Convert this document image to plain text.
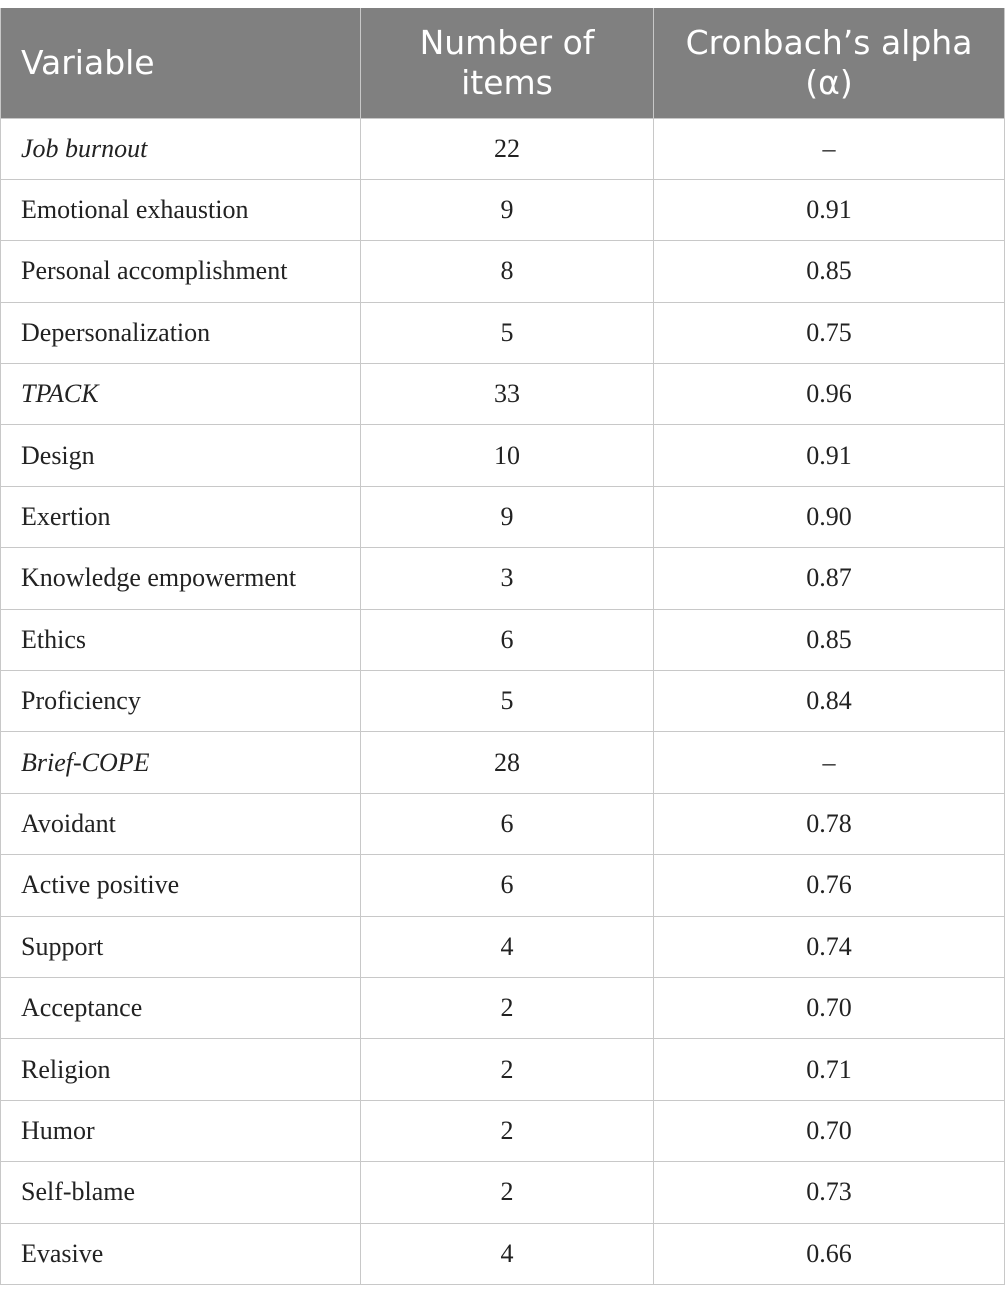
Variable	Number of items	Cronbach’s alpha (α)
Job burnout	22	–
Emotional exhaustion	9	0.91
Personal accomplishment	8	0.85
Depersonalization	5	0.75
TPACK	33	0.96
Design	10	0.91
Exertion	9	0.90
Knowledge empowerment	3	0.87
Ethics	6	0.85
Proficiency	5	0.84
Brief-COPE	28	–
Avoidant	6	0.78
Active positive	6	0.76
Support	4	0.74
Acceptance	2	0.70
Religion	2	0.71
Humor	2	0.70
Self-blame	2	0.73
Evasive	4	0.66
